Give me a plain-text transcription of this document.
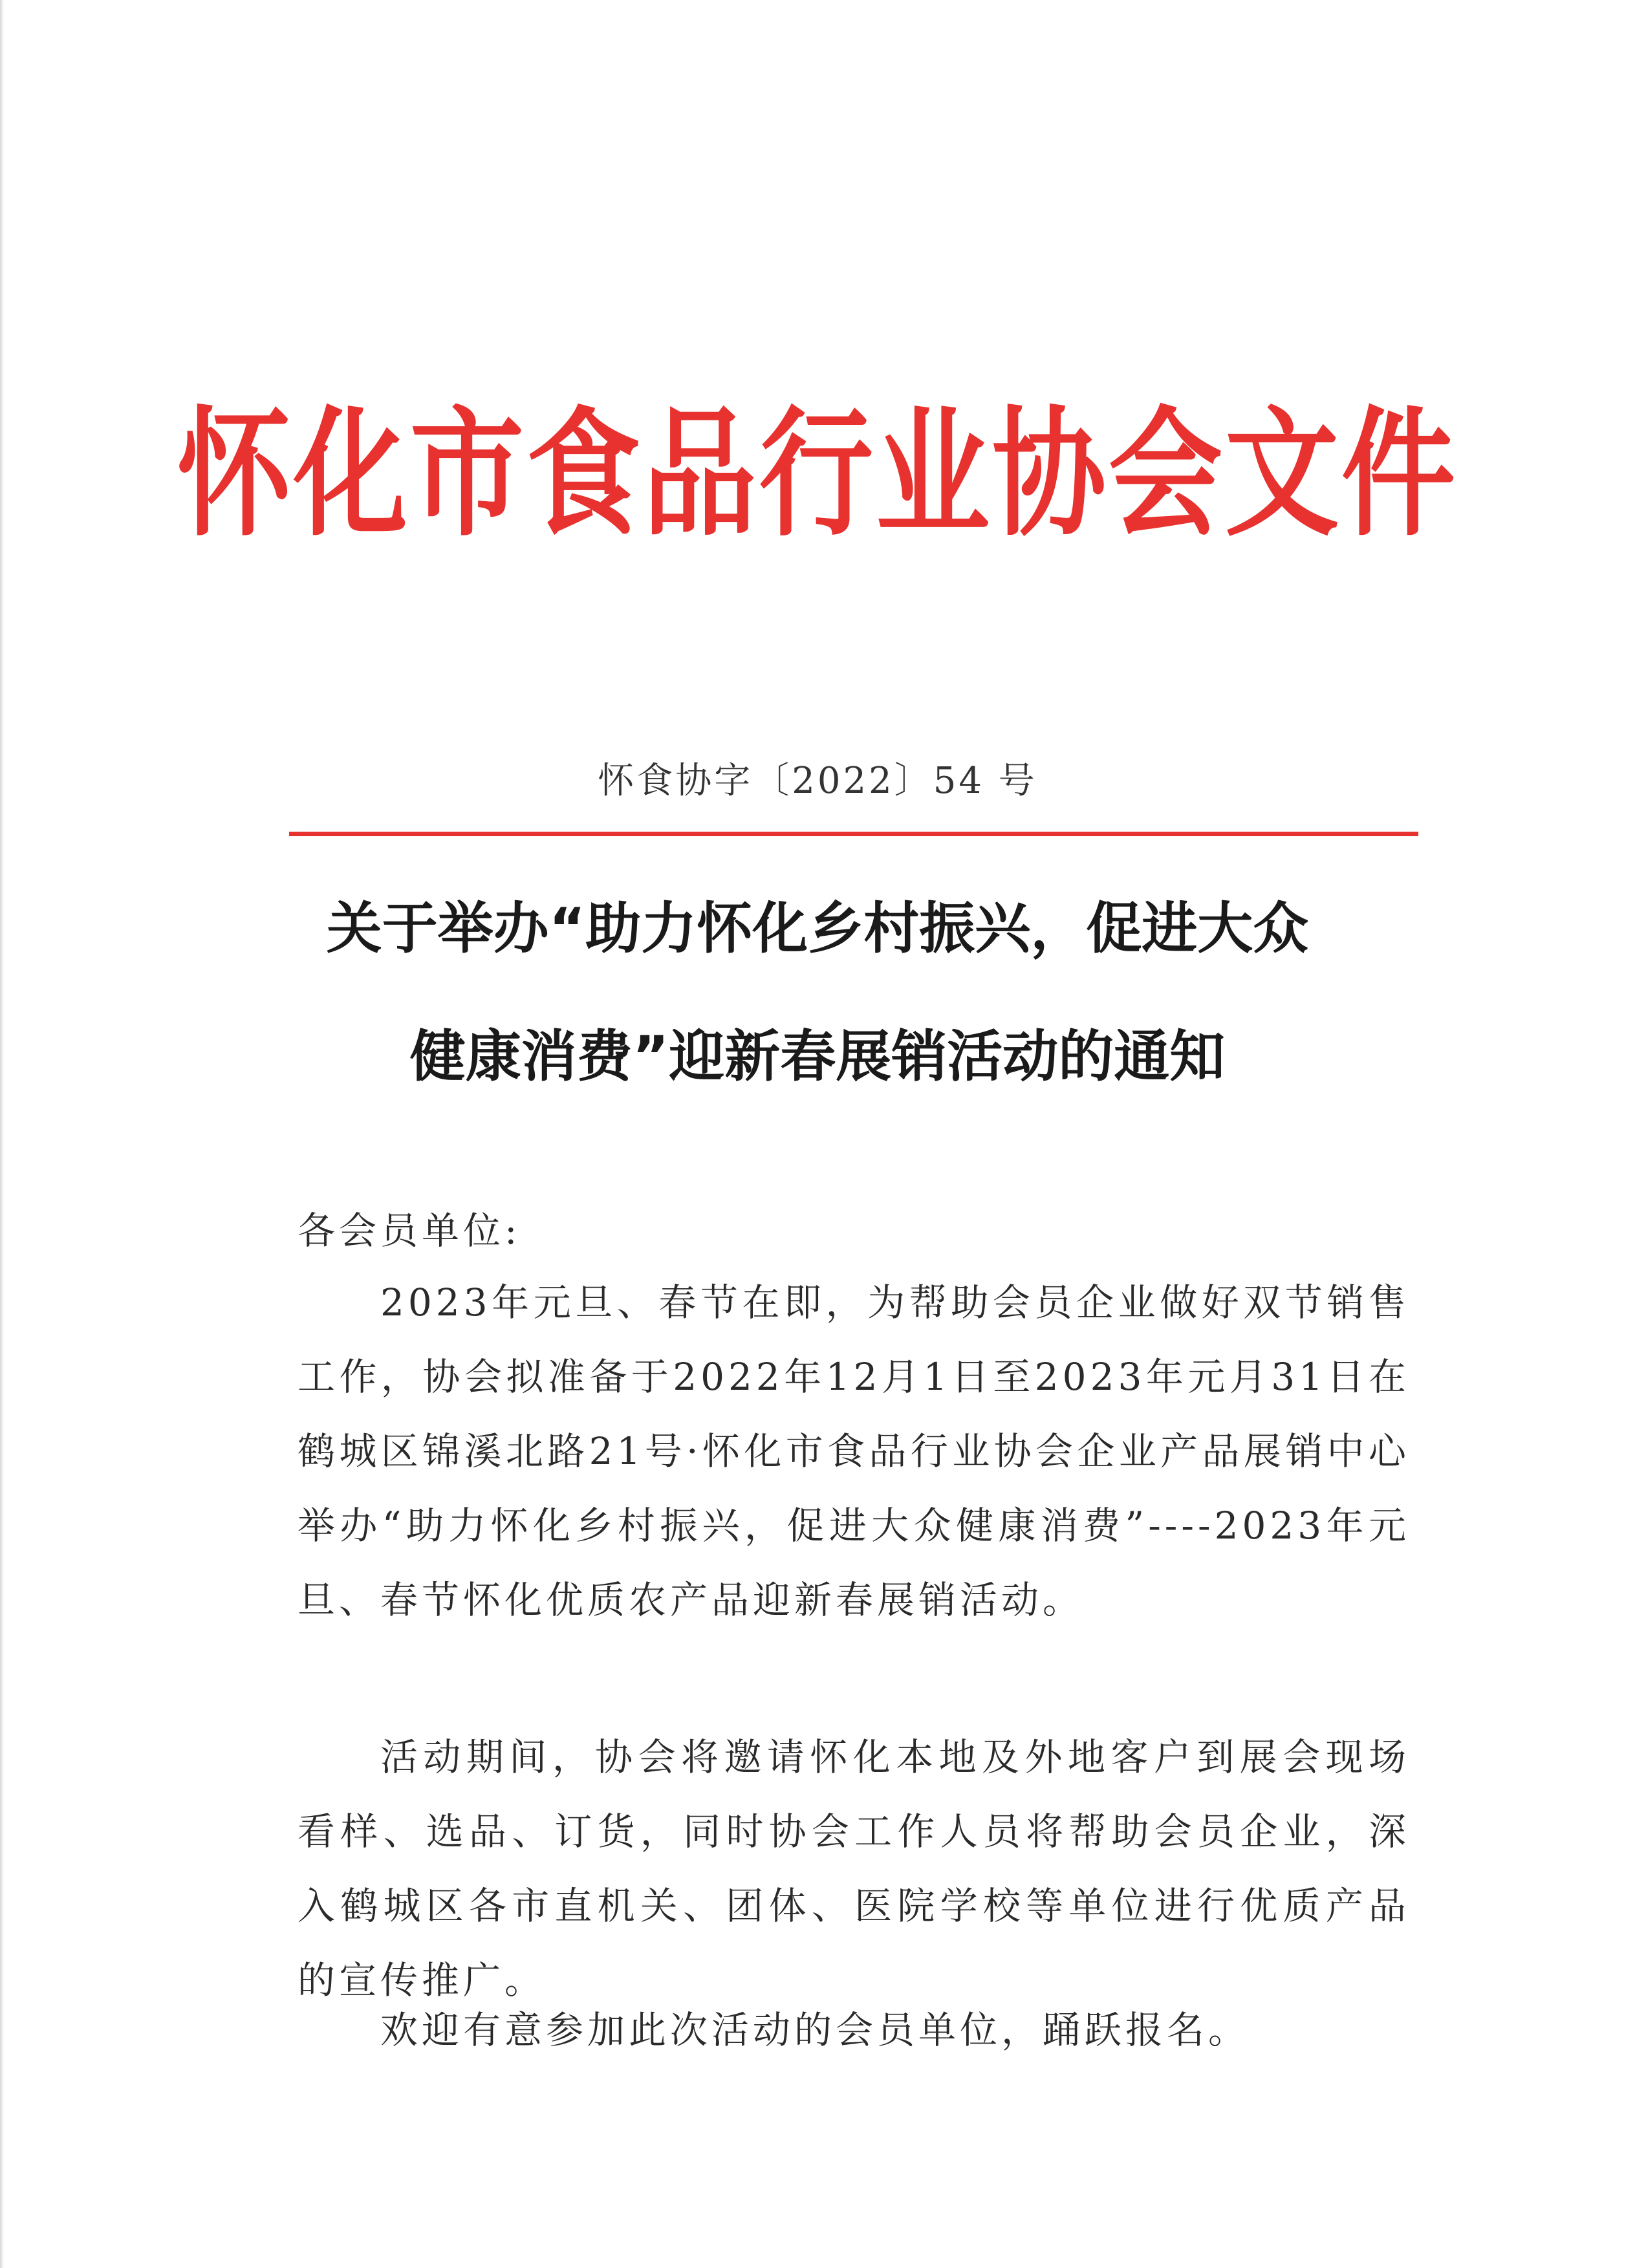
怀化市食品行业协会文件
怀食协字〔2022〕54 号
关于举办“助力怀化乡村振兴，促进大众
健康消费”迎新春展销活动的通知

各会员单位:

2023年元旦、春节在即，为帮助会员企业做好双节销售工作，协会拟准备于2022年12月1日至2023年元月31日在鹤城区锦溪北路21号·怀化市食品行业协会企业产品展销中心举办“助力怀化乡村振兴，促进大众健康消费”----2023年元旦、春节怀化优质农产品迎新春展销活动。

活动期间，协会将邀请怀化本地及外地客户到展会现场看样、选品、订货，同时协会工作人员将帮助会员企业，深入鹤城区各市直机关、团体、医院学校等单位进行优质产品的宣传推广。

欢迎有意参加此次活动的会员单位，踊跃报名。
